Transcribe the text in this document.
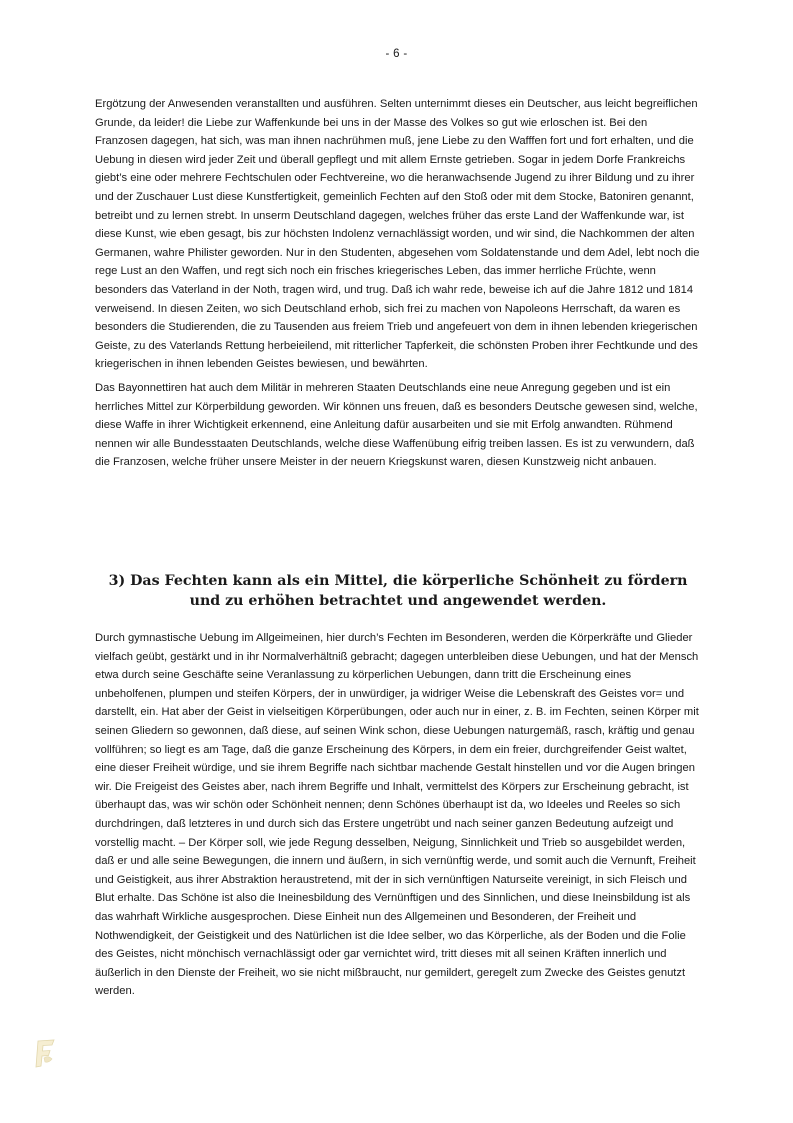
- 6 -

Ergötzung der Anwesenden veranstallten und ausführen. Selten unternimmt dieses ein Deutscher, aus leicht begreiflichen Grunde, da leider! die Liebe zur Waffenkunde bei uns in der Masse des Volkes so gut wie erloschen ist. Bei den Franzosen dagegen, hat sich, was man ihnen nachrühmen muß, jene Liebe zu den Wafffen fort und fort erhalten, und die Uebung in diesen wird jeder Zeit und überall gepflegt und mit allem Ernste getrieben. Sogar in jedem Dorfe Frankreichs giebt’s eine oder mehrere Fechtschulen oder Fechtvereine, wo die heranwachsende Jugend zu ihrer Bildung und zu ihrer und der Zuschauer Lust diese Kunstfertigkeit, gemeinlich Fechten auf den Stoß oder mit dem Stocke, Batoniren genannt, betreibt und zu lernen strebt. In unserm Deutschland dagegen, welches früher das erste Land der Waffenkunde war, ist diese Kunst, wie eben gesagt, bis zur höchsten Indolenz vernachlässigt worden, und wir sind, die Nachkommen der alten Germanen, wahre Philister geworden. Nur in den Studenten, abgesehen vom Soldatenstande und dem Adel, lebt noch die rege Lust an den Waffen, und regt sich noch ein frisches kriegerisches Leben, das immer herrliche Früchte, wenn besonders das Vaterland in der Noth, tragen wird, und trug. Daß ich wahr rede, beweise ich auf die Jahre 1812 und 1814 verweisend. In diesen Zeiten, wo sich Deutschland erhob, sich frei zu machen von Napoleons Herrschaft, da waren es besonders die Studierenden, die zu Tausenden aus freiem Trieb und angefeuert von dem in ihnen lebenden kriegerischen Geiste, zu des Vaterlands Rettung herbeieilend, mit ritterlicher Tapferkeit, die schönsten Proben ihrer Fechtkunde und des kriegerischen in ihnen lebenden Geistes bewiesen, und bewährten.

Das Bayonnettiren hat auch dem Militär in mehreren Staaten Deutschlands eine neue Anregung gegeben und ist ein herrliches Mittel zur Körperbildung geworden. Wir können uns freuen, daß es besonders Deutsche gewesen sind, welche, diese Waffe in ihrer Wichtigkeit erkennend, eine Anleitung dafür ausarbeiten und sie mit Erfolg anwandten. Rühmend nennen wir alle Bundesstaaten Deutschlands, welche diese Waffenübung eifrig treiben lassen. Es ist zu verwundern, daß die Franzosen, welche früher unsere Meister in der neuern Kriegskunst waren, diesen Kunstzweig nicht anbauen.

3) Das Fechten kann als ein Mittel, die körperliche Schönheit zu fördern und zu erhöhen betrachtet und angewendet werden.

Durch gymnastische Uebung im Allgeimeinen, hier durch’s Fechten im Besonderen, werden die Körperkräfte und Glieder vielfach geübt, gestärkt und in ihr Normalverhältniß gebracht; dagegen unterbleiben diese Uebungen, und hat der Mensch etwa durch seine Geschäfte seine Veranlassung zu körperlichen Uebungen, dann tritt die Erscheinung eines unbeholfenen, plumpen und steifen Körpers, der in unwürdiger, ja widriger Weise die Lebenskraft des Geistes vor= und darstellt, ein. Hat aber der Geist in vielseitigen Körperübungen, oder auch nur in einer, z. B. im Fechten, seinen Körper mit seinen Gliedern so gewonnen, daß diese, auf seinen Wink schon, diese Uebungen naturgemäß, rasch, kräftig und genau vollführen; so liegt es am Tage, daß die ganze Erscheinung des Körpers, in dem ein freier, durchgreifender Geist waltet, eine dieser Freiheit würdige, und sie ihrem Begriffe nach sichtbar machende Gestalt hinstellen und vor die Augen bringen wir. Die Freigeist des Geistes aber, nach ihrem Begriffe und Inhalt, vermittelst des Körpers zur Erscheinung gebracht, ist überhaupt das, was wir schön oder Schönheit nennen; denn Schönes überhaupt ist da, wo Ideeles und Reeles so sich durchdringen, daß letzteres in und durch sich das Erstere ungetrübt und nach seiner ganzen Bedeutung aufzeigt und vorstellig macht. – Der Körper soll, wie jede Regung desselben, Neigung, Sinnlichkeit und Trieb so ausgebildet werden, daß er und alle seine Bewegungen, die innern und äußern, in sich vernünftig werde, und somit auch die Vernunft, Freiheit und Geistigkeit, aus ihrer Abstraktion heraustretend, mit der in sich vernünftigen Naturseite vereinigt, in sich Fleisch und Blut erhalte. Das Schöne ist also die Ineinesbildung des Vernünftigen und des Sinnlichen, und diese Ineinsbildung ist als das wahrhaft Wirkliche ausgesprochen. Diese Einheit nun des Allgemeinen und Besonderen, der Freiheit und Nothwendigkeit, der Geistigkeit und des Natürlichen ist die Idee selber, wo das Körperliche, als der Boden und die Folie des Geistes, nicht mönchisch vernachlässigt oder gar vernichtet wird, tritt dieses mit all seinen Kräften innerlich und äußerlich in den Dienste der Freiheit, wo sie nicht mißbraucht, nur gemildert, geregelt zum Zwecke des Geistes genutzt werden.
